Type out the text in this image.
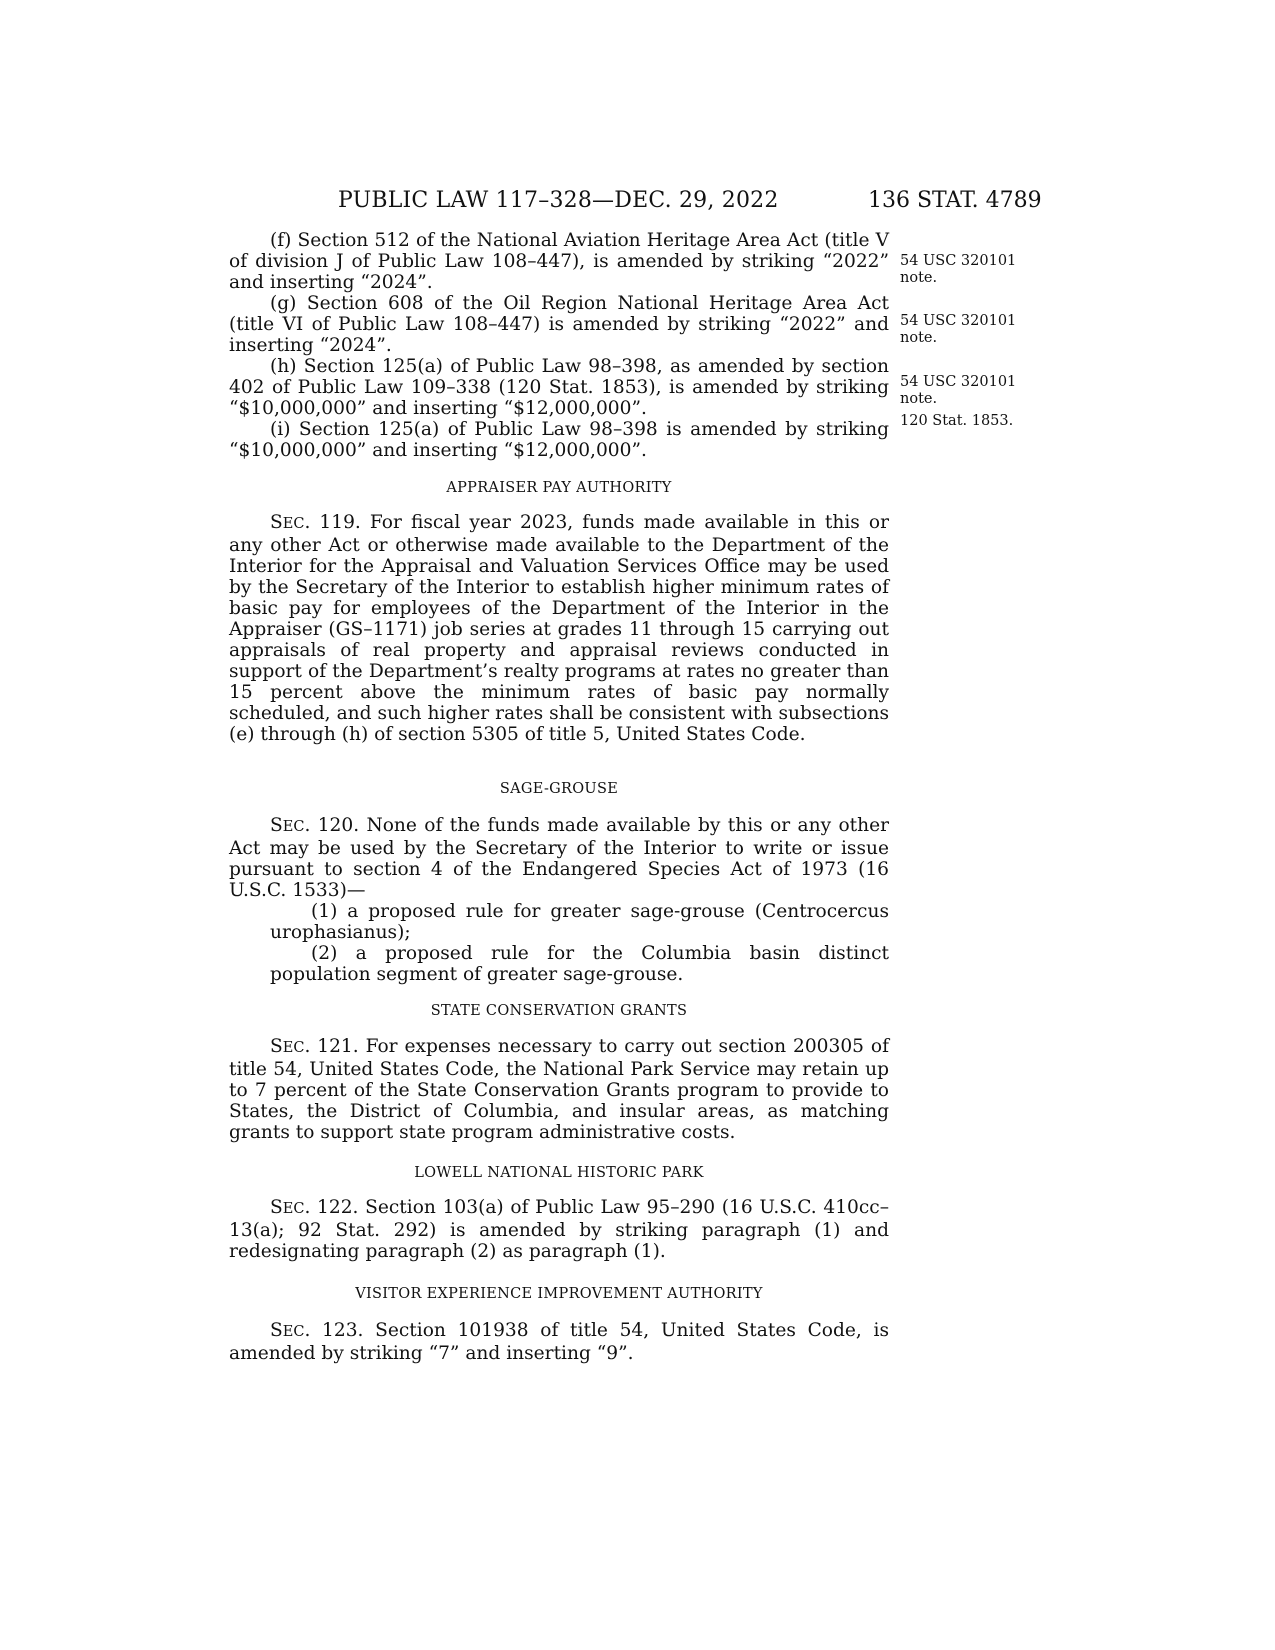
PUBLIC LAW 117–328—DEC. 29, 2022	136 STAT. 4789

(f) Section 512 of the National Aviation Heritage Area Act (title V of division J of Public Law 108–447), is amended by striking “2022” and inserting “2024”.

(g) Section 608 of the Oil Region National Heritage Area Act (title VI of Public Law 108–447) is amended by striking “2022” and inserting “2024”.

(h) Section 125(a) of Public Law 98–398, as amended by section 402 of Public Law 109–338 (120 Stat. 1853), is amended by striking “$10,000,000” and inserting “$12,000,000”.

(i) Section 125(a) of Public Law 98–398 is amended by striking “$10,000,000” and inserting “$12,000,000”.

54 USC 320101
note.
54 USC 320101
note.
54 USC 320101
note.
120 Stat. 1853.
APPRAISER PAY AUTHORITY

SEC. 119. For fiscal year 2023, funds made available in this or any other Act or otherwise made available to the Department of the Interior for the Appraisal and Valuation Services Office may be used by the Secretary of the Interior to establish higher minimum rates of basic pay for employees of the Department of the Interior in the Appraiser (GS–1171) job series at grades 11 through 15 carrying out appraisals of real property and appraisal reviews conducted in support of the Department’s realty programs at rates no greater than 15 percent above the minimum rates of basic pay normally scheduled, and such higher rates shall be consistent with subsections (e) through (h) of section 5305 of title 5, United States Code.

SAGE-GROUSE

SEC. 120. None of the funds made available by this or any other Act may be used by the Secretary of the Interior to write or issue pursuant to section 4 of the Endangered Species Act of 1973 (16 U.S.C. 1533)—

(1) a proposed rule for greater sage-grouse (Centrocercus urophasianus);

(2) a proposed rule for the Columbia basin distinct population segment of greater sage-grouse.

STATE CONSERVATION GRANTS

SEC. 121. For expenses necessary to carry out section 200305 of title 54, United States Code, the National Park Service may retain up to 7 percent of the State Conservation Grants program to provide to States, the District of Columbia, and insular areas, as matching grants to support state program administrative costs.

LOWELL NATIONAL HISTORIC PARK

SEC. 122. Section 103(a) of Public Law 95–290 (16 U.S.C. 410cc–13(a); 92 Stat. 292) is amended by striking paragraph (1) and redesignating paragraph (2) as paragraph (1).

VISITOR EXPERIENCE IMPROVEMENT AUTHORITY

SEC. 123. Section 101938 of title 54, United States Code, is amended by striking “7” and inserting “9”.
